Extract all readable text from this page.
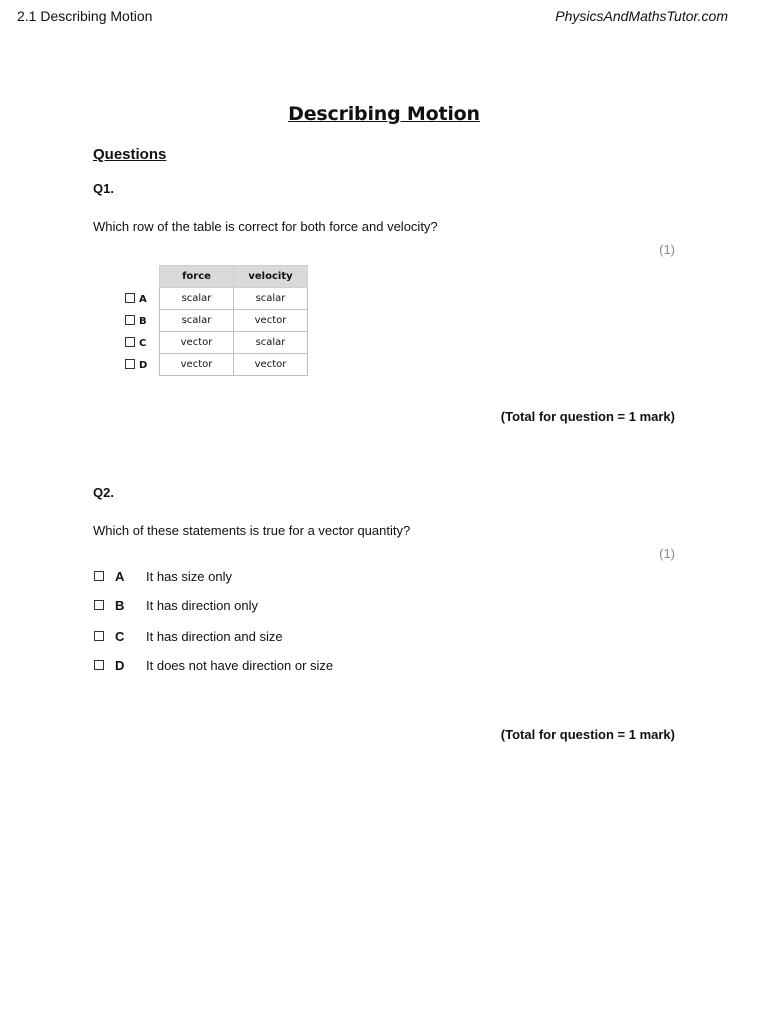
2.1 Describing Motion	PhysicsAndMathsTutor.com
Describing Motion
Questions
Q1.
Which row of the table is correct for both force and velocity?
(1)
	force	velocity
A	scalar	scalar
B	scalar	vector
C	vector	scalar
D	vector	vector
(Total for question = 1 mark)
Q2.
Which of these statements is true for a vector quantity?
(1)
A It has size only
B It has direction only
C It has direction and size
D It does not have direction or size
(Total for question = 1 mark)
